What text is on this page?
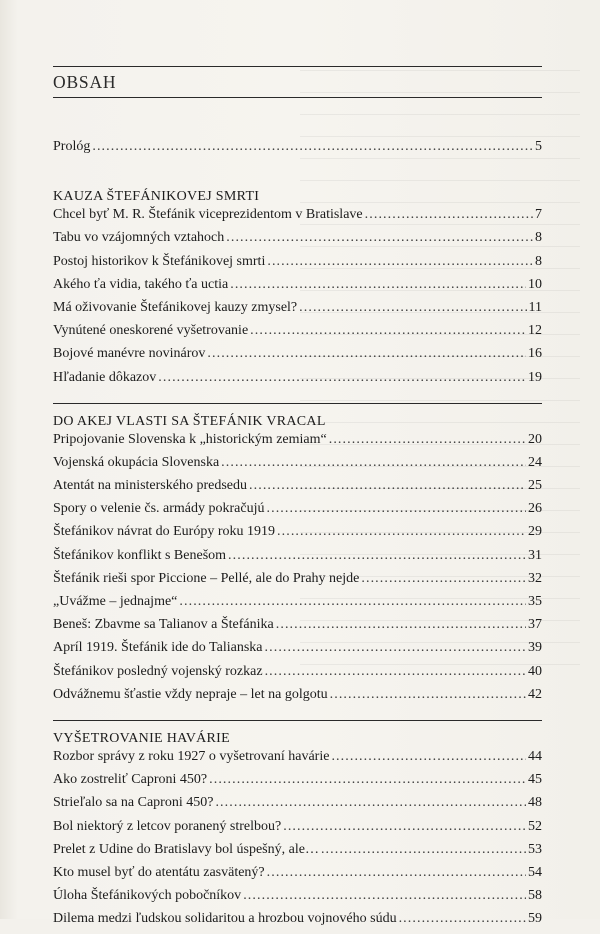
OBSAH
Prológ . . .	5
KAUZA ŠTEFÁNIKOVEJ SMRTI
Chcel byť M. R. Štefánik viceprezidentom v Bratislave . . .	7
Tabu vo vzájomných vztahoch . . .	8
Postoj historikov k Štefánikovej smrti . . .	8
Akého ťa vidia, takého ťa uctia . . .	10
Má oživovanie Štefánikovej kauzy zmysel? . . .	11
Vynútené oneskorené vyšetrovanie . . .	12
Bojové manévre novinárov . . .	16
Hľadanie dôkazov . . .	19
DO AKEJ VLASTI SA ŠTEFÁNIK VRACAL
Pripojovanie Slovenska k „historickým zemiam“ . . .	20
Vojenská okupácia Slovenska . . .	24
Atentát na ministerského predsedu . . .	25
Spory o velenie čs. armády pokračujú . . .	26
Štefánikov návrat do Európy roku 1919 . . .	29
Štefánikov konflikt s Benešom . . .	31
Štefánik rieši spor Piccione – Pellé, ale do Prahy nejde . . .	32
„Uvážme – jednajme“ . . .	35
Beneš: Zbavme sa Talianov a Štefánika . . .	37
Apríl 1919. Štefánik ide do Talianska . . .	39
Štefánikov posledný vojenský rozkaz . . .	40
Odvážnemu šťastie vždy nepraje – let na golgotu . . .	42
VYŠETROVANIE HAVÁRIE
Rozbor správy z roku 1927 o vyšetrovaní havárie . . .	44
Ako zostreliť Caproni 450? . . .	45
Strieľalo sa na Caproni 450? . . .	48
Bol niektorý z letcov poranený strelbou? . . .	52
Prelet z Udine do Bratislavy bol úspešný, ale… . . .	53
Kto musel byť do atentátu zasvätený? . . .	54
Úloha Štefánikových pobočníkov . . .	58
Dilema medzi ľudskou solidaritou a hrozbou vojnového súdu . . .	59
